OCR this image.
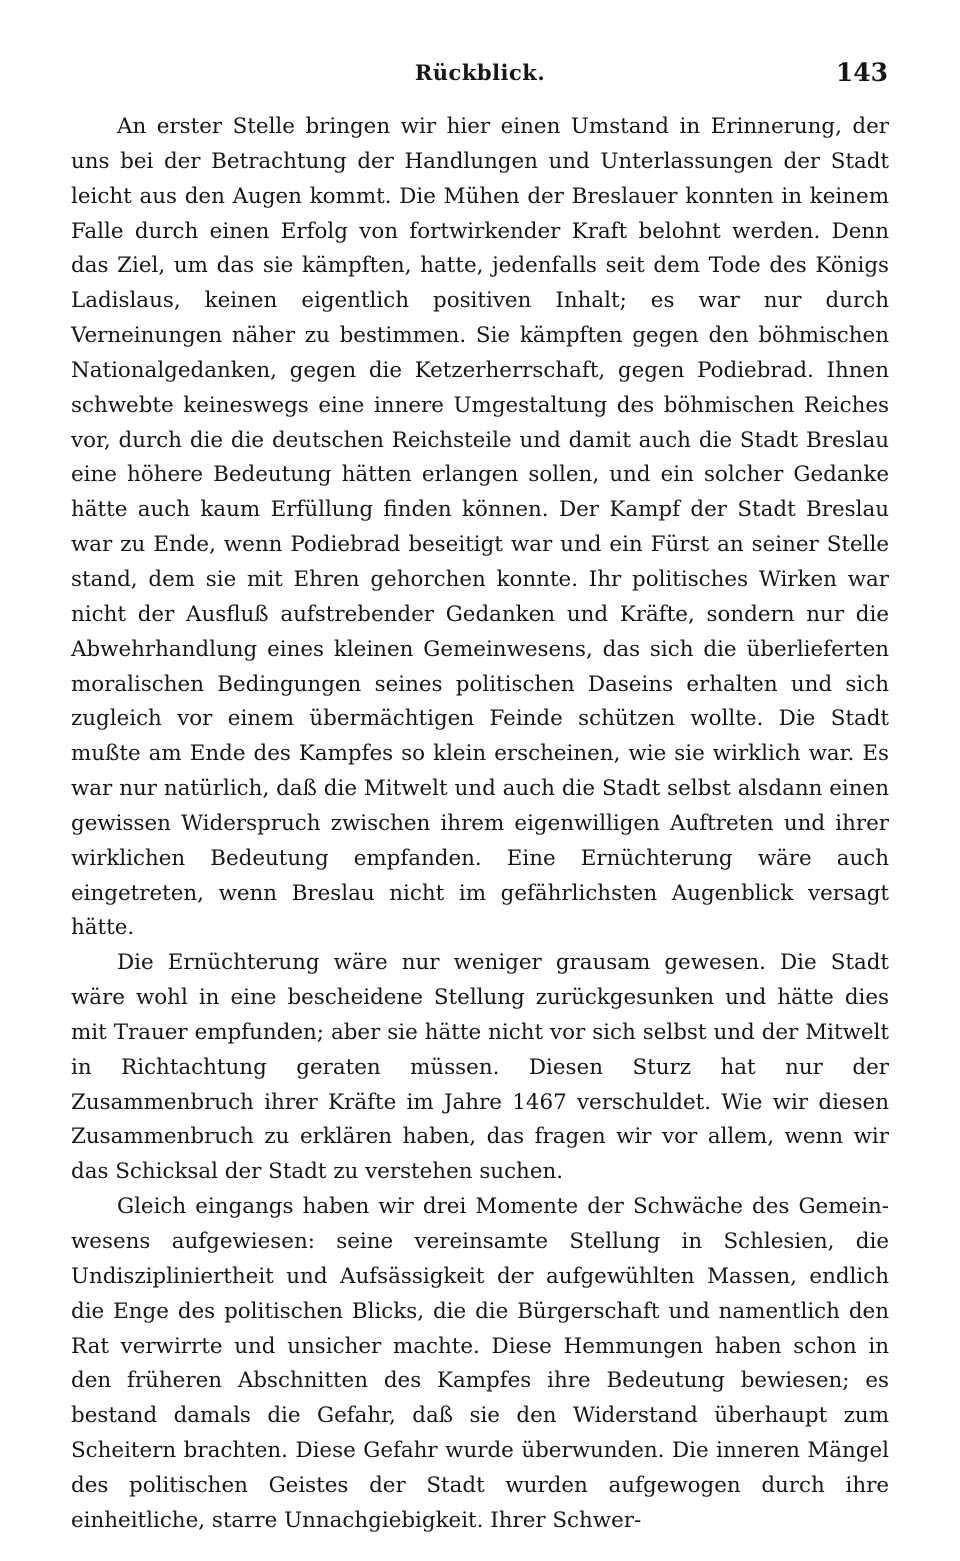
Rückblick.	143

An erster Stelle bringen wir hier einen Umstand in Erinnerung, der uns bei der Betrachtung der Handlungen und Unterlassungen der Stadt leicht aus den Augen kommt. Die Mühen der Breslauer konnten in keinem Falle durch einen Erfolg von fortwirkender Kraft belohnt werden. Denn das Ziel, um das sie kämpften, hatte, jedenfalls seit dem Tode des Königs Ladislaus, keinen eigentlich positiven Inhalt; es war nur durch Verneinungen näher zu bestimmen. Sie kämpften gegen den böhmischen Nationalgedanken, gegen die Ketzerherrschaft, gegen Podiebrad. Ihnen schwebte keineswegs eine innere Umgestaltung des böhmischen Reiches vor, durch die die deutschen Reichsteile und damit auch die Stadt Breslau eine höhere Bedeutung hätten erlangen sollen, und ein solcher Gedanke hätte auch kaum Erfüllung finden können. Der Kampf der Stadt Breslau war zu Ende, wenn Podiebrad beseitigt war und ein Fürst an seiner Stelle stand, dem sie mit Ehren gehorchen konnte. Ihr politisches Wirken war nicht der Ausfluß aufstrebender Gedanken und Kräfte, sondern nur die Abwehrhandlung eines kleinen Gemeinwesens, das sich die überlieferten moralischen Bedingungen seines politischen Daseins erhalten und sich zugleich vor einem übermächtigen Feinde schützen wollte. Die Stadt mußte am Ende des Kampfes so klein erscheinen, wie sie wirklich war. Es war nur natürlich, daß die Mitwelt und auch die Stadt selbst alsdann einen gewissen Widerspruch zwischen ihrem eigenwilligen Auftreten und ihrer wirklichen Bedeutung empfanden. Eine Ernüchterung wäre auch eingetreten, wenn Breslau nicht im gefährlichsten Augenblick versagt hätte.

Die Ernüchterung wäre nur weniger grausam gewesen. Die Stadt wäre wohl in eine bescheidene Stellung zurückgesunken und hätte dies mit Trauer empfunden; aber sie hätte nicht vor sich selbst und der Mitwelt in Richtachtung geraten müssen. Diesen Sturz hat nur der Zusammenbruch ihrer Kräfte im Jahre 1467 verschuldet. Wie wir diesen Zusammenbruch zu erklären haben, das fragen wir vor allem, wenn wir das Schicksal der Stadt zu verstehen suchen.

Gleich eingangs haben wir drei Momente der Schwäche des Gemeinwesens aufgewiesen: seine vereinsamte Stellung in Schlesien, die Undiszipliniertheit und Aufsässigkeit der aufgewühlten Massen, endlich die Enge des politischen Blicks, die die Bürgerschaft und namentlich den Rat verwirrte und unsicher machte. Diese Hemmungen haben schon in den früheren Abschnitten des Kampfes ihre Bedeutung bewiesen; es bestand damals die Gefahr, daß sie den Widerstand überhaupt zum Scheitern brachten. Diese Gefahr wurde überwunden. Die inneren Mängel des politischen Geistes der Stadt wurden aufgewogen durch ihre einheitliche, starre Unnachgiebigkeit. Ihrer Schwer-
